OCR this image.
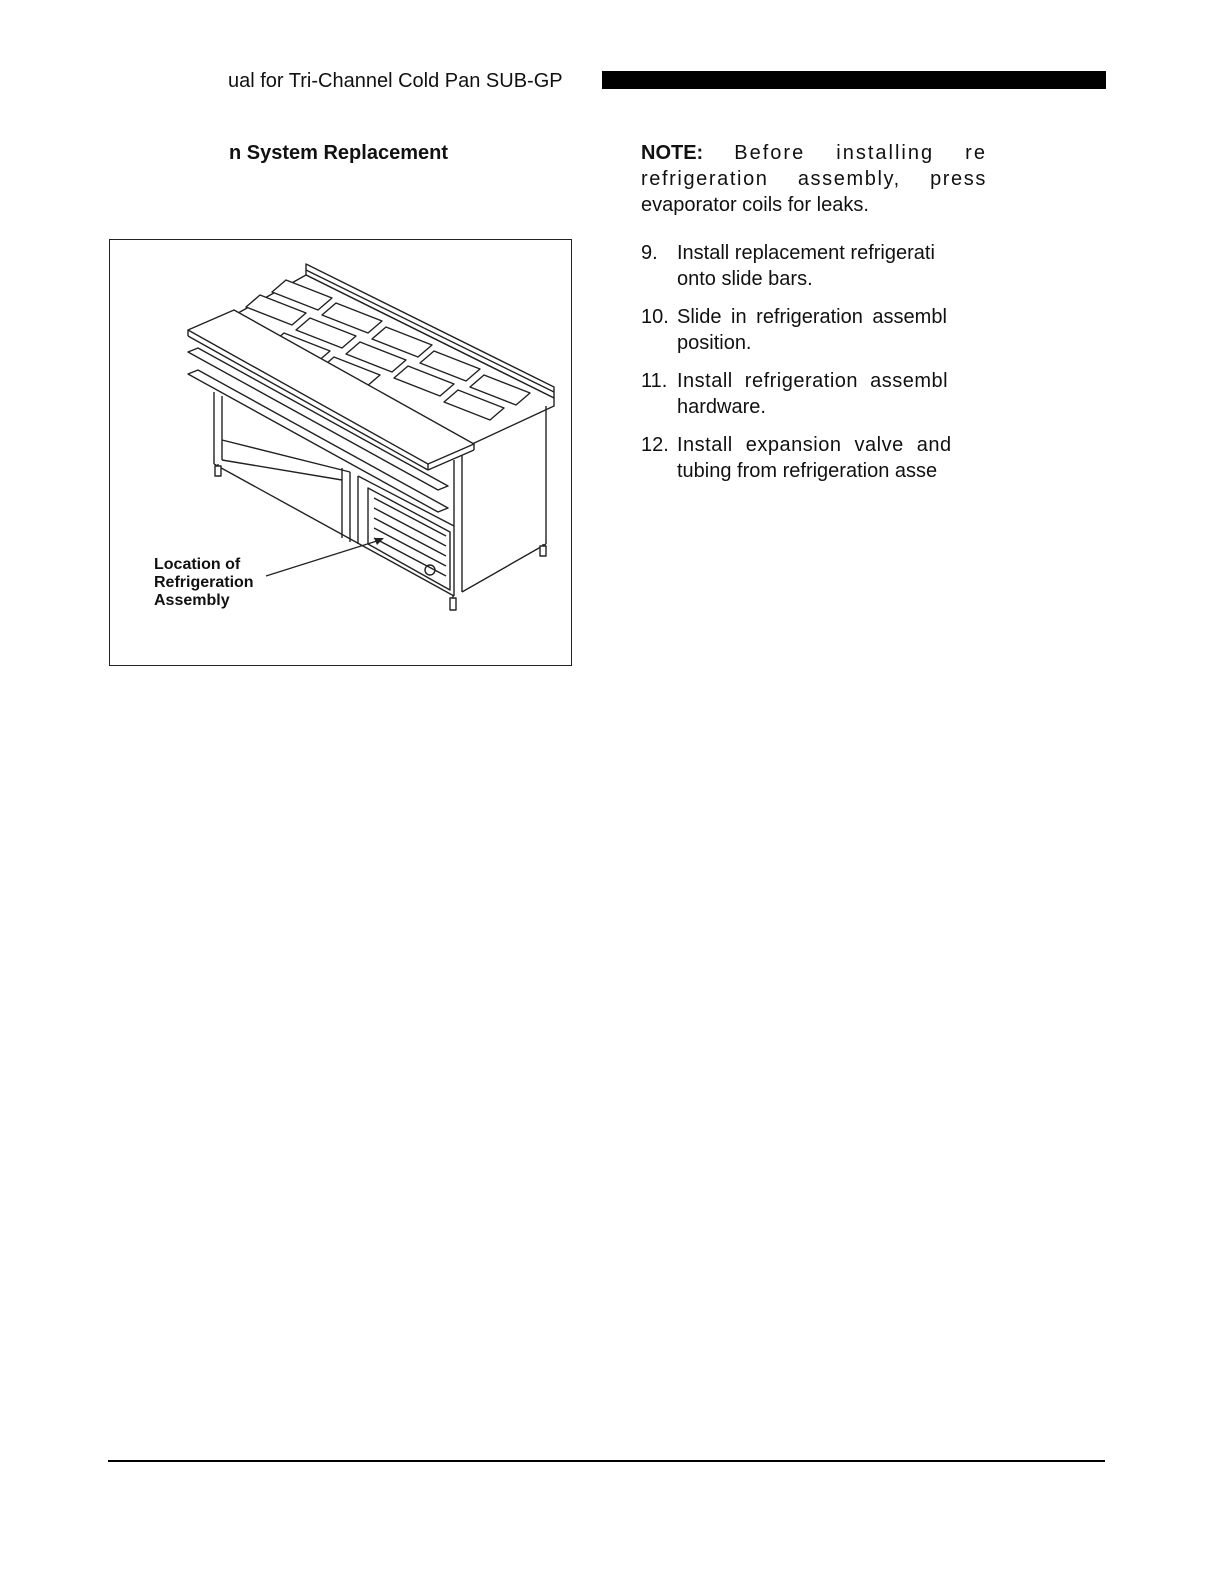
ual for Tri-Channel Cold Pan SUB-GP
n System Replacement	NOTE: Before installing re
refrigeration assembly, press
evaporator coils for leaks.
9. Install replacement refrigerati
onto slide bars.
10. Slide in refrigeration assembl
position.
11. Install refrigeration assembl
hardware.
12. Install expansion valve and
tubing from refrigeration asse
Location of
Refrigeration
Assembly
